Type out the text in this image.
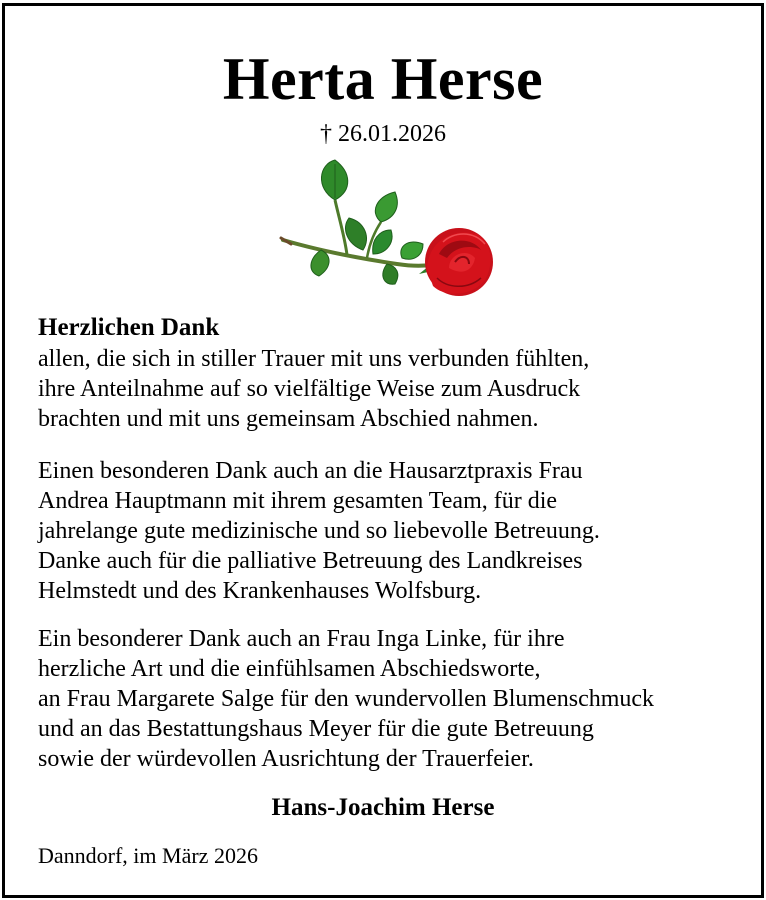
Herta Herse
† 26.01.2026
Herzlichen Dank
allen, die sich in stiller Trauer mit uns verbunden fühlten,
ihre Anteilnahme auf so vielfältige Weise zum Ausdruck
brachten und mit uns gemeinsam Abschied nahmen.
Einen besonderen Dank auch an die Hausarztpraxis Frau
Andrea Hauptmann mit ihrem gesamten Team, für die
jahrelange gute medizinische und so liebevolle Betreuung.
Danke auch für die palliative Betreuung des Landkreises
Helmstedt und des Krankenhauses Wolfsburg.
Ein besonderer Dank auch an Frau Inga Linke, für ihre
herzliche Art und die einfühlsamen Abschiedsworte,
an Frau Margarete Salge für den wundervollen Blumenschmuck
und an das Bestattungshaus Meyer für die gute Betreuung
sowie der würdevollen Ausrichtung der Trauerfeier.
Hans-Joachim Herse
Danndorf, im März 2026
